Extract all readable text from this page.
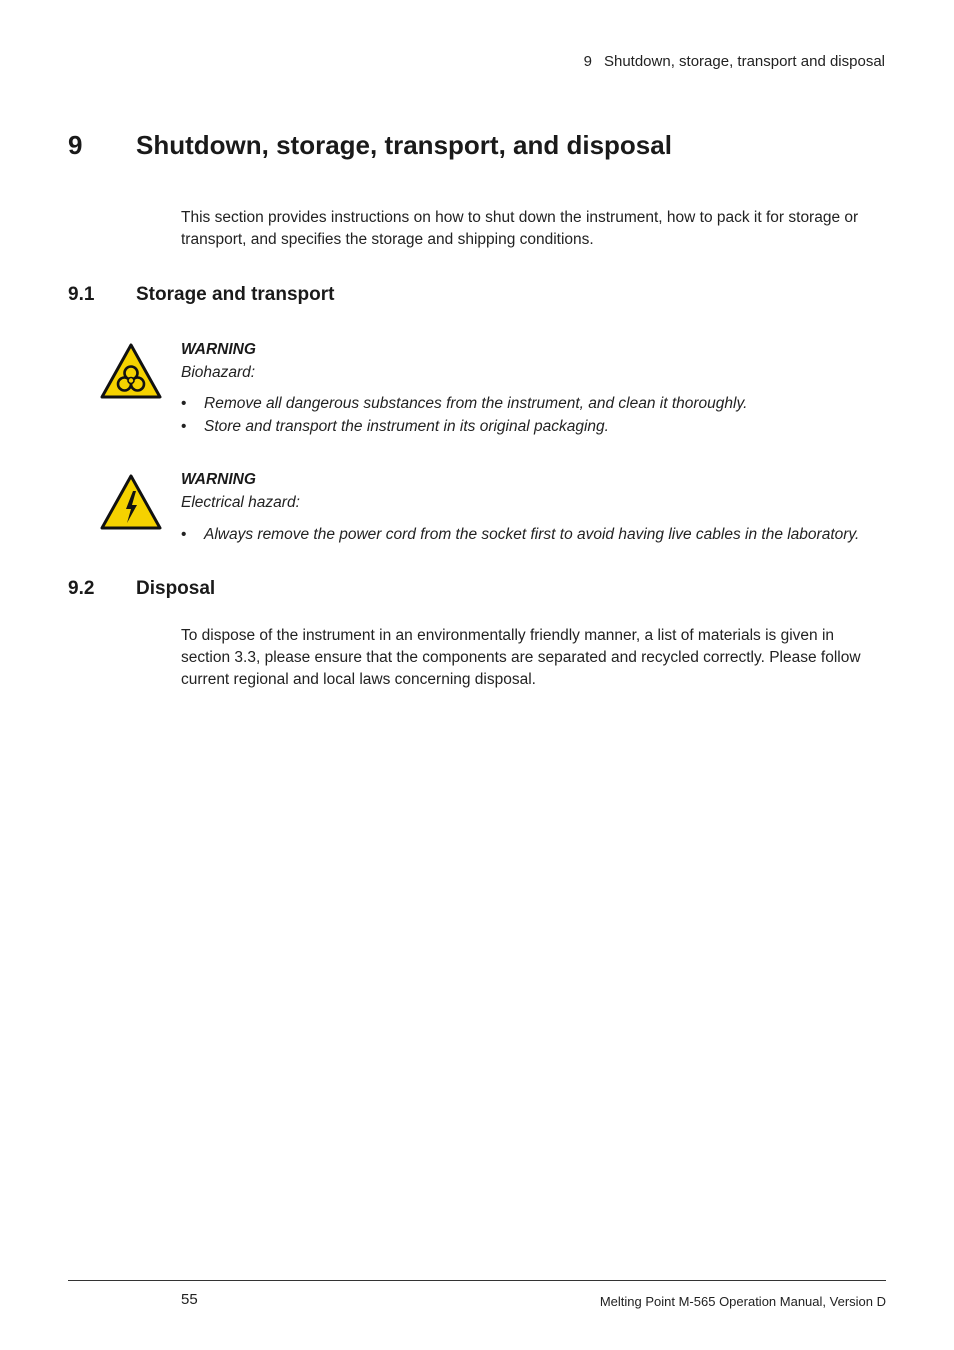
9 Shutdown, storage, transport and disposal
9 Shutdown, storage, transport, and disposal
This section provides instructions on how to shut down the instrument, how to pack it for storage or transport, and specifies the storage and shipping conditions.
9.1 Storage and transport
WARNING
Biohazard:
• Remove all dangerous substances from the instrument, and clean it thoroughly.
• Store and transport the instrument in its original packaging.
WARNING
Electrical hazard:
• Always remove the power cord from the socket first to avoid having live cables in the laboratory.
9.2 Disposal
To dispose of the instrument in an environmentally friendly manner, a list of materials is given in section 3.3, please ensure that the components are separated and recycled correctly. Please follow current regional and local laws concerning disposal.
55	Melting Point M-565 Operation Manual, Version D
